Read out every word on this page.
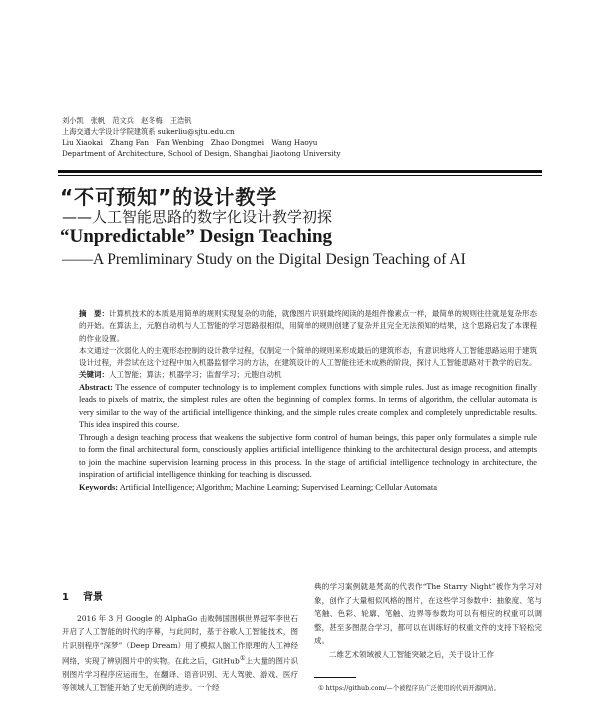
刘小凯　张帆　范文兵　赵冬梅　王浩钒
上海交通大学设计学院建筑系 sukerliu@sjtu.edu.cn
Liu Xiaokai　Zhang Fan　Fan Wenbing　Zhao Dongmei　Wang Haoyu
Department of Architecture, School of Design, Shanghai Jiaotong University
“不可预知”的设计教学
——人工智能思路的数字化设计教学初探
“Unpredictable” Design Teaching
——A Premliminary Study on the Digital Design Teaching of AI

摘　要：计算机技术的本质是用简单的规则实现复杂的功能，就像图片识别最终阅读的是组件像素点一样，最简单的规则往往就是复杂形态的开始。在算法上，元胞自动机与人工智能的学习思路很相似，用简单的规则创建了复杂并且完全无法预知的结果，这个思路启发了本课程的作业设置。

本文通过一次弱化人的主观形态控制的设计教学过程，仅制定一个简单的规则来形成最后的建筑形态，有意识地将人工智能思路运用于建筑设计过程，并尝试在这个过程中加入机器监督学习的方法，在建筑设计的人工智能往还未成熟的阶段，探讨人工智能思路对于教学的启发。

关键词：人工智能；算法；机器学习；监督学习；元胞自动机

Abstract: The essence of computer technology is to implement complex functions with simple rules. Just as image recognition finally leads to pixels of matrix, the simplest rules are often the beginning of complex forms. In terms of algorithm, the cellular automata is very similar to the way of the artificial intelligence thinking, and the simple rules create complex and completely unpredictable results. This idea inspired this course.

Through a design teaching process that weakens the subjective form control of human beings, this paper only formulates a simple rule to form the final architectural form, consciously applies artificial intelligence thinking to the architectural design process, and attempts to join the machine supervision learning process in this process. In the stage of artificial intelligence technology in architecture, the inspiration of artificial intelligence thinking for teaching is discussed.

Keywords: Artificial Intelligence; Algorithm; Machine Learning; Supervised Learning; Cellular Automata

1 背景

2016 年 3 月 Google 的 AlphaGo 击败韩国围棋世界冠军李世石开启了人工智能的时代的序幕，与此同时，基于谷歌人工智能技术，图片识别程序“深梦”（Deep Dream）用了模拟人脑工作原理的人工神经网络，实现了辨别图片中的实物。在此之后，GitHub①上大量的图片识别图片学习程序应运而生，在翻译、语音识别、无人驾驶、游戏、医疗等领域人工智能开始了史无前例的进步。一个经

典的学习案例就是梵高的代表作“The Starry Night”被作为学习对象，创作了大量相似风格的图片，在这些学习参数中：抽象度、笔与笔触、色彩、轮廓、笔触、边界等参数均可以有相应的权重可以调整，甚至多图混合学习，都可以在训练好的权重文件的支持下轻松完成。

二维艺术领域被人工智能突破之后，关于设计工作

① https://github.com/—个被程序员广泛使用的代码开源网站。
